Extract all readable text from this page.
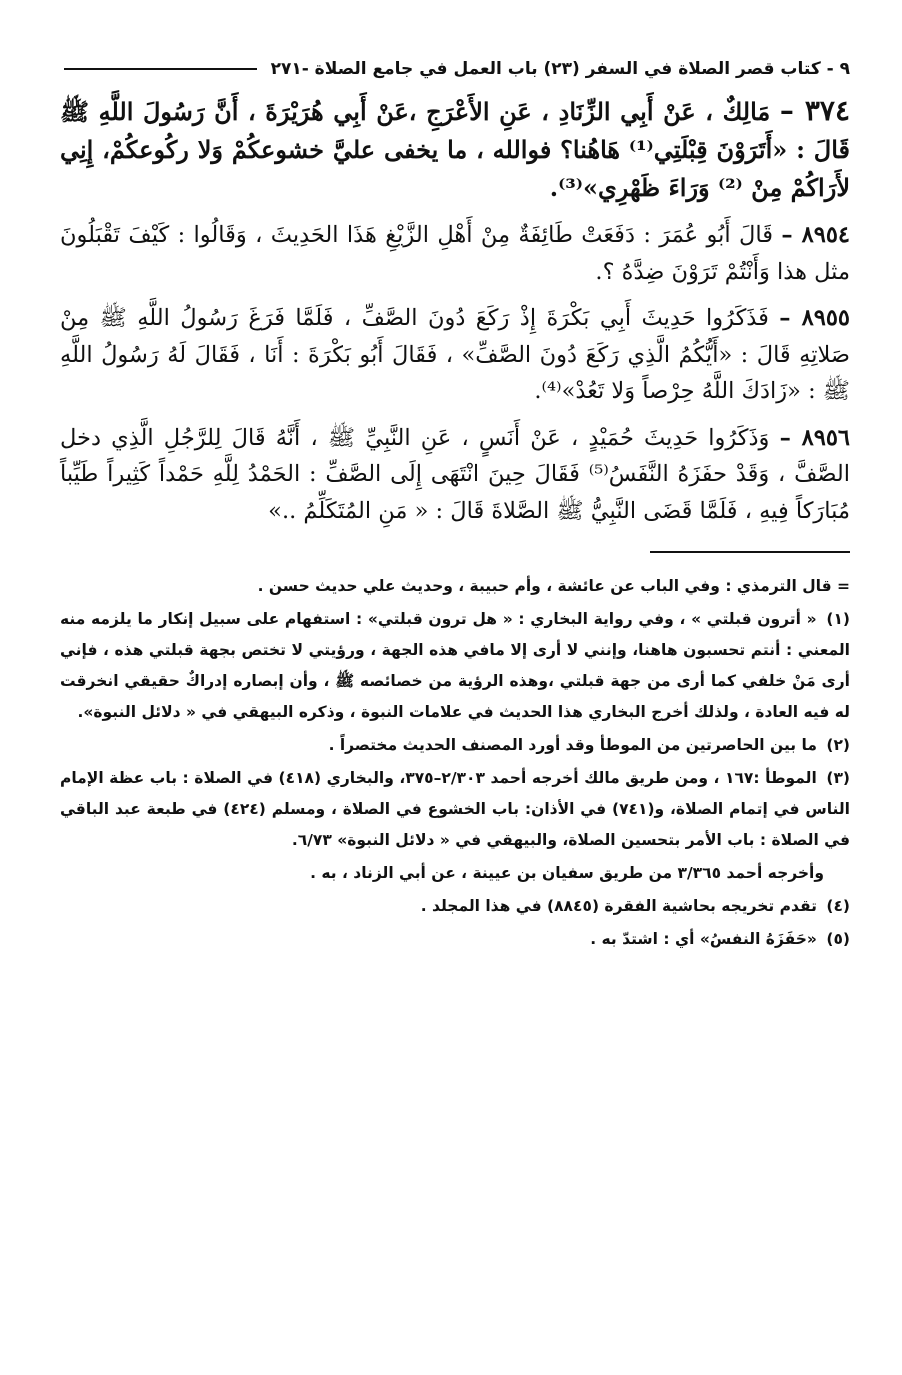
٩ - كتاب قصر الصلاة في السفر (٢٣) باب العمل في جامع الصلاة -٢٧١

٣٧٤ – مَالِكٌ ، عَنْ أَبِي الزِّنَادِ ، عَنِ الأَعْرَجِ ،عَنْ أَبِي هُرَيْرَةَ ، أَنَّ رَسُولَ اللَّهِ ﷺ قَالَ : «أَتَرَوْنَ قِبْلَتِي⁽¹⁾ هَاهُنا؟ فوالله ، ما يخفى عليَّ خشوعكُمْ وَلا ركُوعكُمْ، إِنِي لأَرَاكُمْ مِنْ ⁽²⁾ وَرَاءَ ظَهْرِي»⁽³⁾.

٨٩٥٤ – قَالَ أَبُو عُمَرَ : دَفَعَتْ طَائِفَةٌ مِنْ أَهْلِ الزَّيْغِ هَذَا الحَدِيثَ ، وَقَالُوا : كَيْفَ تَقْبَلُونَ مثل هذا وَأَنْتُمْ تَرَوْنَ ضِدَّهُ ؟.

٨٩٥٥ – فَذَكَرُوا حَدِيثَ أَبِي بَكْرَةَ إِذْ رَكَعَ دُونَ الصَّفِّ ، فَلَمَّا فَرَغَ رَسُولُ اللَّهِ ﷺ مِنْ صَلاتِهِ قَالَ : «أَيُّكُمُ الَّذِي رَكَعَ دُونَ الصَّفِّ» ، فَقَالَ أَبُو بَكْرَةَ : أَنَا ، فَقَالَ لَهُ رَسُولُ اللَّهِ ﷺ : «زَادَكَ اللَّهُ حِرْصاً وَلا تَعُدْ»⁽⁴⁾.

٨٩٥٦ – وَذَكَرُوا حَدِيثَ حُمَيْدٍ ، عَنْ أَنَسٍ ، عَنِ النَّبِيِّ ﷺ ، أَنَّهُ قَالَ لِلرَّجُلِ الَّذِي دخل الصَّفَّ ، وَقَدْ حفَزَهُ النَّفَسُ⁽⁵⁾ فَقَالَ حِينَ انْتَهَى إِلَى الصَّفِّ : الحَمْدُ لِلَّهِ حَمْداً كَثِيراً طَيِّباً مُبَارَكاً فِيهِ ، فَلَمَّا قَضَى النَّبِيُّ ﷺ الصَّلاةَ قَالَ : « مَنِ المُتَكَلِّمُ ..»

= قال الترمذي : وفي الباب عن عائشة ، وأم حبيبة ، وحديث علي حديث حسن .

(١) « أترون قبلتي » ، وفي رواية البخاري : « هل ترون قبلتي» : استفهام على سبيل إنكار ما يلزمه منه المعني : أنتم تحسبون هاهنا، وإنني لا أرى إلا مافي هذه الجهة ، ورؤيتي لا تختص بجهة قبلتي هذه ، فإني أرى مَنْ خلفي كما أرى من جهة قبلتي ،وهذه الرؤية من خصائصه ﷺ ، وأن إبصاره إدراكٌ حقيقي انخرقت له فيه العادة ، ولذلك أخرج البخاري هذا الحديث في علامات النبوة ، وذكره البيهقي في « دلائل النبوة».

(٢) ما بين الحاصرتين من الموطأ وقد أورد المصنف الحديث مختصراً .

(٣) الموطأ :١٦٧ ، ومن طريق مالك أخرجه أحمد ٢/٣٠٣–٣٧٥، والبخاري (٤١٨) في الصلاة : باب عظة الإمام الناس في إتمام الصلاة، و(٧٤١) في الأذان: باب الخشوع في الصلاة ، ومسلم (٤٢٤) في طبعة عبد الباقي في الصلاة : باب الأمر بتحسين الصلاة، والبيهقي في « دلائل النبوة» ٦/٧٣.

وأخرجه أحمد ٣/٣٦٥ من طريق سفيان بن عيينة ، عن أبي الزناد ، به .

(٤) تقدم تخريجه بحاشية الفقرة (٨٨٤٥) في هذا المجلد .

(٥) «حَفَزَهُ النفسُ» أي : اشتدّ به .
